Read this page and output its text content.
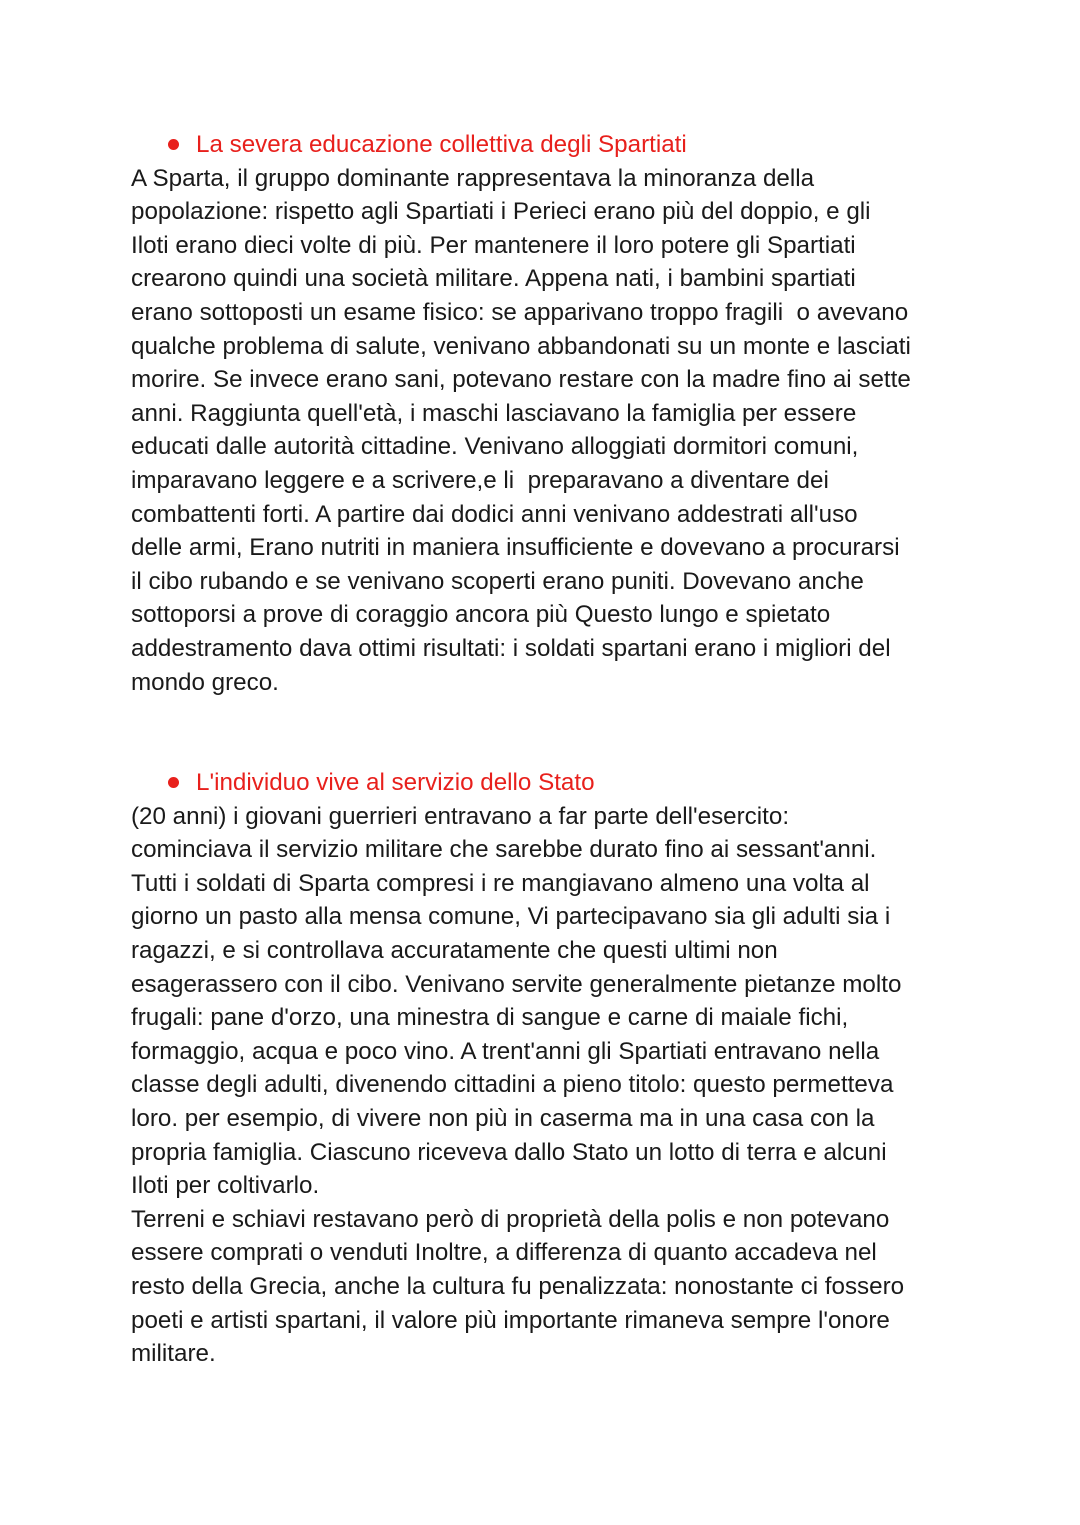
La severa educazione collettiva degli Spartiati

A Sparta, il gruppo dominante rappresentava la minoranza della
popolazione: rispetto agli Spartiati i Perieci erano più del doppio, e gli
Iloti erano dieci volte di più. Per mantenere il loro potere gli Spartiati
crearono quindi una società militare. Appena nati, i bambini spartiati
erano sottoposti un esame fisico: se apparivano troppo fragili  o avevano
qualche problema di salute, venivano abbandonati su un monte e lasciati
morire. Se invece erano sani, potevano restare con la madre fino ai sette
anni. Raggiunta quell'età, i maschi lasciavano la famiglia per essere
educati dalle autorità cittadine. Venivano alloggiati dormitori comuni,
imparavano leggere e a scrivere,e li  preparavano a diventare dei
combattenti forti. A partire dai dodici anni venivano addestrati all'uso
delle armi, Erano nutriti in maniera insufficiente e dovevano a procurarsi
il cibo rubando e se venivano scoperti erano puniti. Dovevano anche
sottoporsi a prove di coraggio ancora più Questo lungo e spietato
addestramento dava ottimi risultati: i soldati spartani erano i migliori del
mondo greco.

L'individuo vive al servizio dello Stato

(20 anni) i giovani guerrieri entravano a far parte dell'esercito:
cominciava il servizio militare che sarebbe durato fino ai sessant'anni.
Tutti i soldati di Sparta compresi i re mangiavano almeno una volta al
giorno un pasto alla mensa comune, Vi partecipavano sia gli adulti sia i
ragazzi, e si controllava accuratamente che questi ultimi non
esagerassero con il cibo. Venivano servite generalmente pietanze molto
frugali: pane d'orzo, una minestra di sangue e carne di maiale fichi,
formaggio, acqua e poco vino. A trent'anni gli Spartiati entravano nella
classe degli adulti, divenendo cittadini a pieno titolo: questo permetteva
loro. per esempio, di vivere non più in caserma ma in una casa con la
propria famiglia. Ciascuno riceveva dallo Stato un lotto di terra e alcuni
Iloti per coltivarlo.

Terreni e schiavi restavano però di proprietà della polis e non potevano
essere comprati o venduti Inoltre, a differenza di quanto accadeva nel
resto della Grecia, anche la cultura fu penalizzata: nonostante ci fossero
poeti e artisti spartani, il valore più importante rimaneva sempre l'onore
militare.
